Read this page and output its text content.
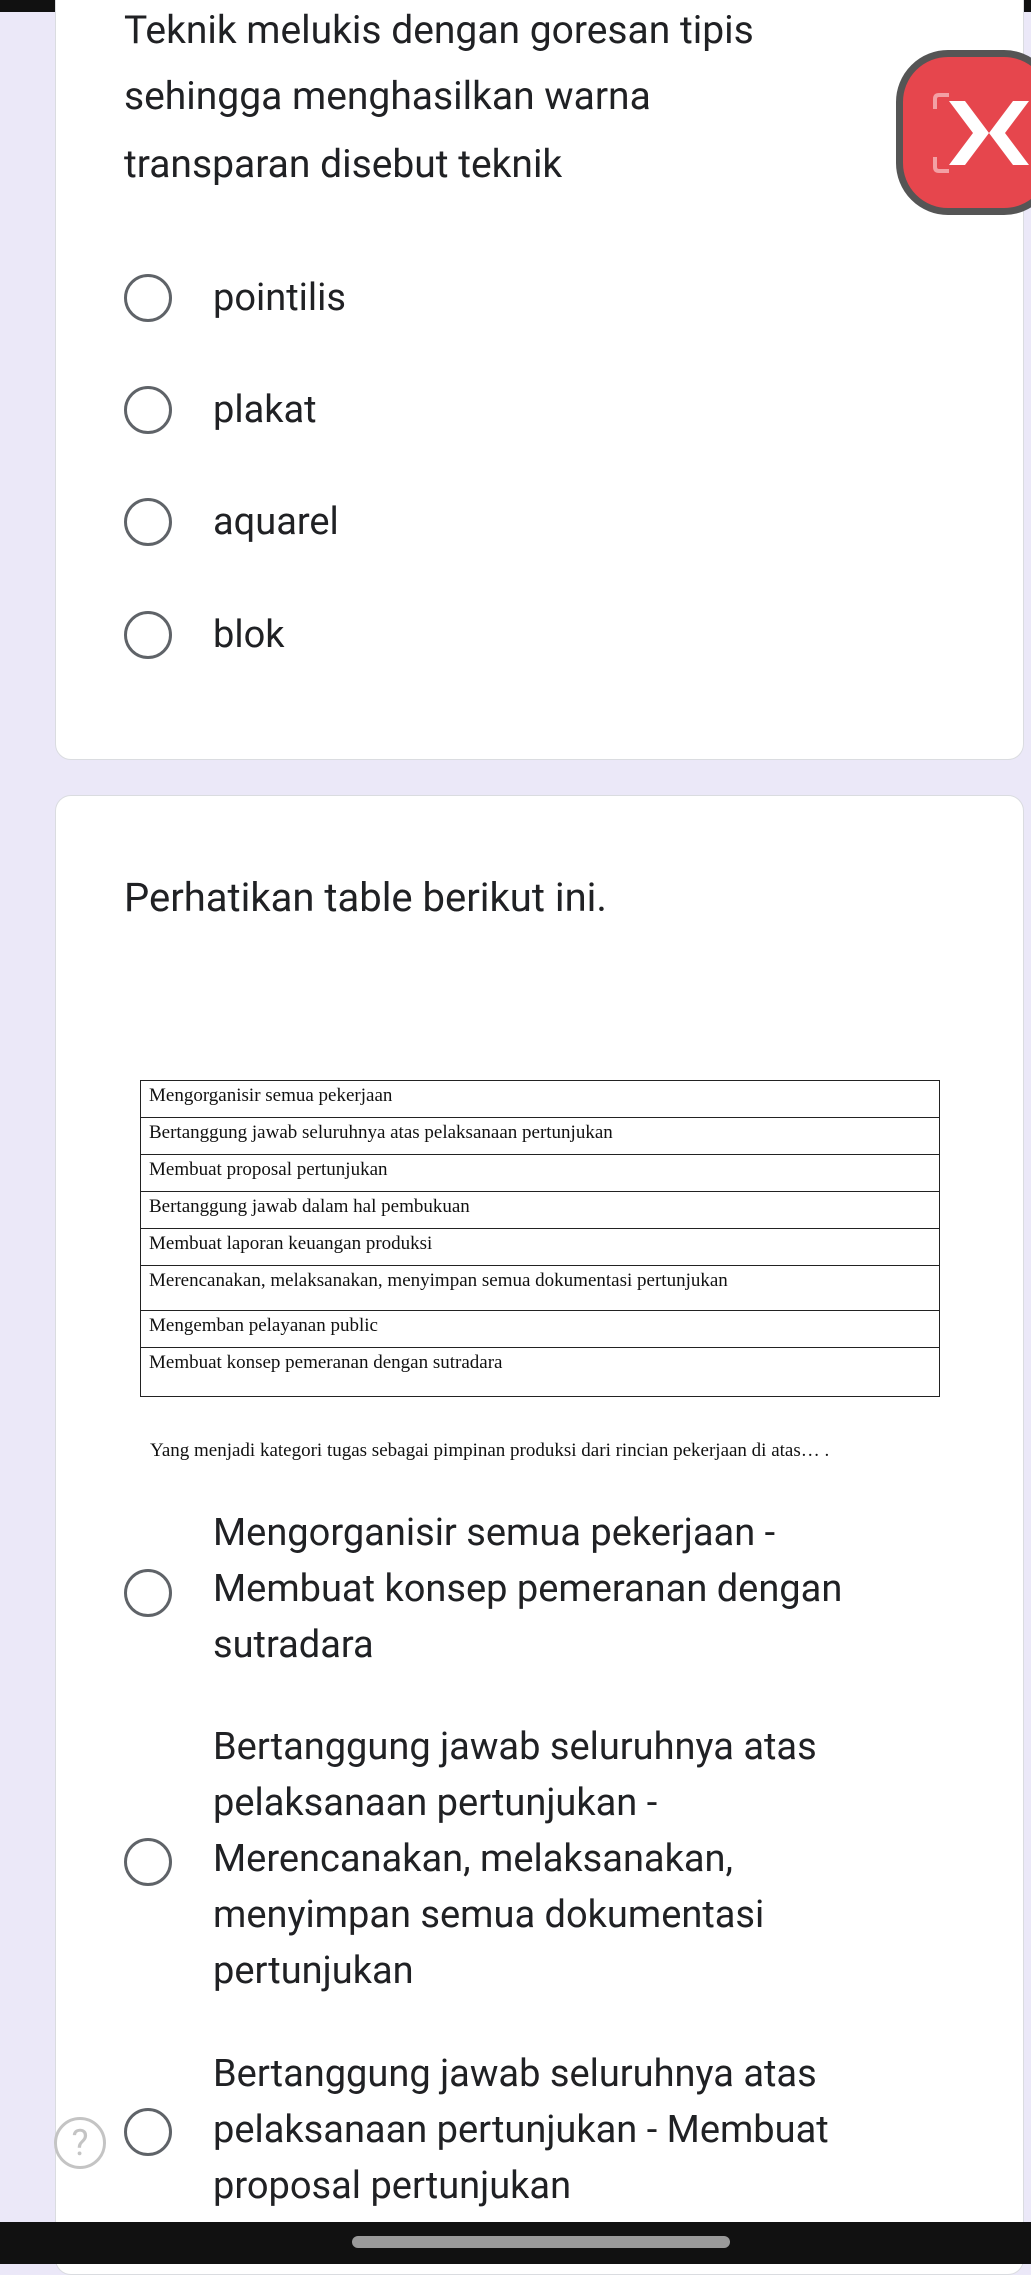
Teknik melukis dengan goresan tipis
sehingga menghasilkan warna
transparan disebut teknik
pointilis
plakat
aquarel
blok
Perhatikan table berikut ini.
Mengorganisir semua pekerjaan
Bertanggung jawab seluruhnya atas pelaksanaan pertunjukan
Membuat proposal pertunjukan
Bertanggung jawab dalam hal pembukuan
Membuat laporan keuangan produksi
Merencanakan, melaksanakan, menyimpan semua dokumentasi pertunjukan
Mengemban pelayanan public
Membuat konsep pemeranan dengan sutradara
Yang menjadi kategori tugas sebagai pimpinan produksi dari rincian pekerjaan di atas… .
Mengorganisir semua pekerjaan -
Membuat konsep pemeranan dengan
sutradara
Bertanggung jawab seluruhnya atas
pelaksanaan pertunjukan -
Merencanakan, melaksanakan,
menyimpan semua dokumentasi
pertunjukan
Bertanggung jawab seluruhnya atas
pelaksanaan pertunjukan - Membuat
proposal pertunjukan
?
